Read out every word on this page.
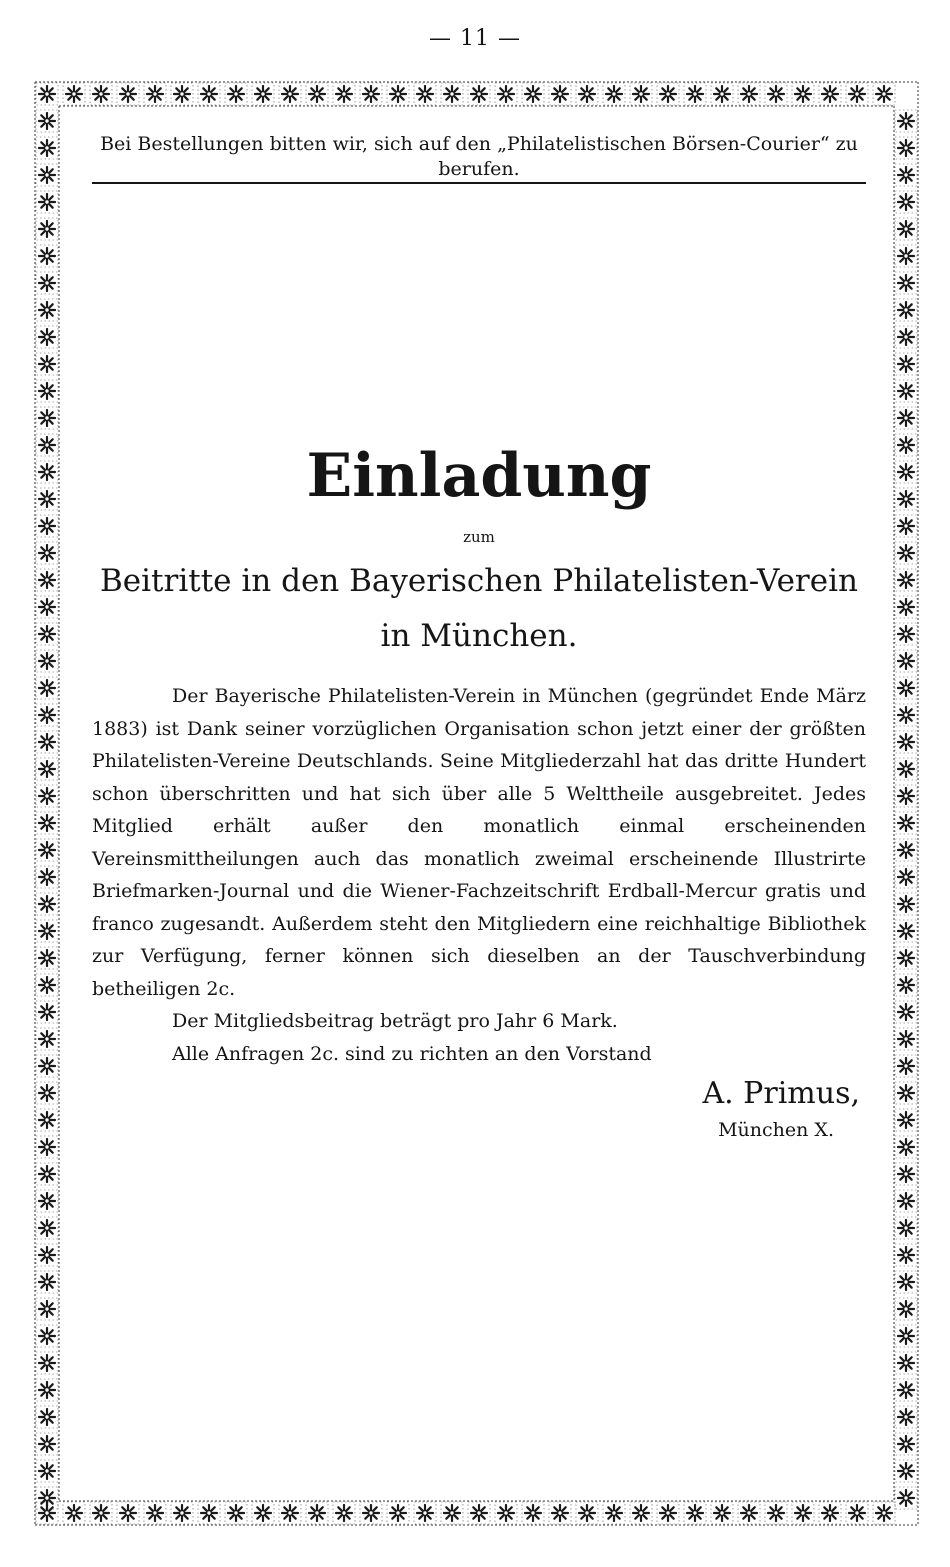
— 11 —
Bei Bestellungen bitten wir, sich auf den „Philatelistischen Börsen-Courier“ zu berufen.
Einladung
zum
Beitritte in den Bayerischen Philatelisten-Verein in München.

Der Bayerische Philatelisten-Verein in München (gegründet Ende März 1883) ist Dank seiner vorzüglichen Organisation schon jetzt einer der größten Philatelisten-Vereine Deutschlands. Seine Mitgliederzahl hat das dritte Hundert schon überschritten und hat sich über alle 5 Welttheile ausgebreitet. Jedes Mitglied erhält außer den monatlich einmal erscheinenden Vereinsmittheilungen auch das monatlich zweimal erscheinende Illustrirte Briefmarken-Journal und die Wiener-Fachzeitschrift Erdball-Mercur gratis und franco zugesandt. Außerdem steht den Mitgliedern eine reichhaltige Bibliothek zur Verfügung, ferner können sich dieselben an der Tauschverbindung betheiligen 2c.

Der Mitgliedsbeitrag beträgt pro Jahr 6 Mark.

Alle Anfragen 2c. sind zu richten an den Vorstand

A. Primus,
München X.
